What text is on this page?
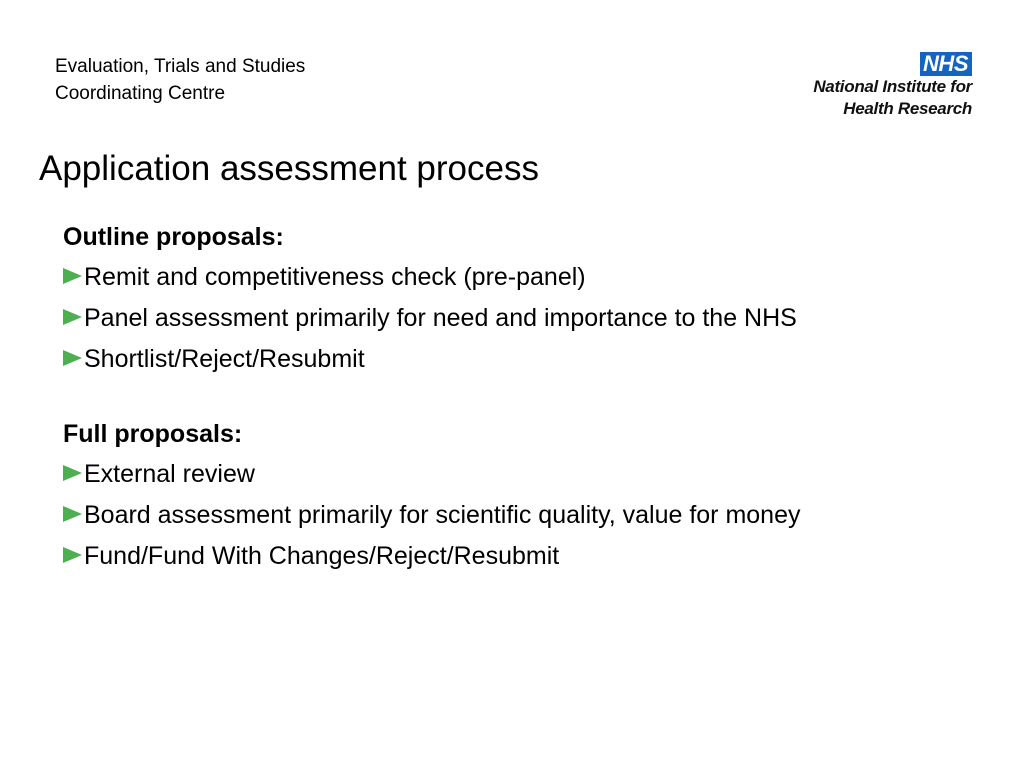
Evaluation, Trials and Studies
Coordinating Centre
NHS
National Institute for
Health Research
Application assessment process
Outline proposals:
Remit and competitiveness check (pre-panel)
Panel assessment primarily for need and importance to the NHS
Shortlist/Reject/Resubmit
Full proposals:
External review
Board assessment primarily for scientific quality, value for money
Fund/Fund With Changes/Reject/Resubmit
